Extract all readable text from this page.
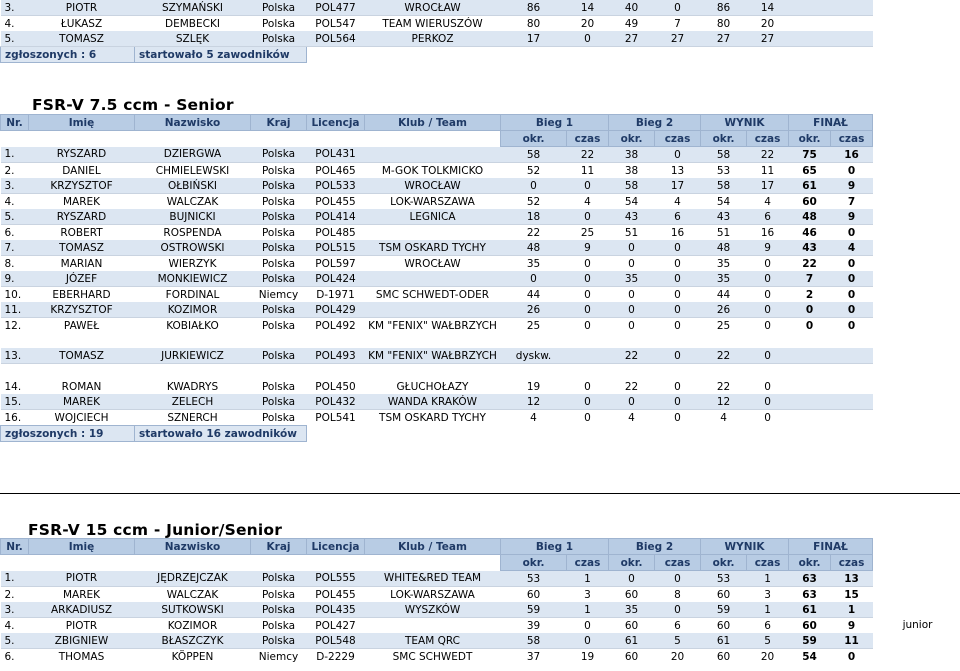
3.	PIOTR	SZYMAŃSKI	Polska	POL477	WROCŁAW	86	14	40	0	86	14			
4.	ŁUKASZ	DEMBECKI	Polska	POL547	TEAM WIERUSZÓW	80	20	49	7	80	20			
5.	TOMASZ	SZLĘK	Polska	POL564	PERKOZ	17	0	27	27	27	27			
zgłoszonych : 6		startowało 5 zawodników												
FSR-V 7.5 ccm - Senior
Nr.	Imię	Nazwisko	Kraj	Licencja	Klub / Team	Bieg 1		Bieg 2		WYNIK		FINAŁ		
						okr.	czas	okr.	czas	okr.	czas	okr.	czas	
1.	RYSZARD	DZIERGWA	Polska	POL431		58	22	38	0	58	22	75	16	
2.	DANIEL	CHMIELEWSKI	Polska	POL465	M-GOK TOLKMICKO	52	11	38	13	53	11	65	0	
3.	KRZYSZTOF	OŁBIŃSKI	Polska	POL533	WROCŁAW	0	0	58	17	58	17	61	9	
4.	MAREK	WALCZAK	Polska	POL455	LOK-WARSZAWA	52	4	54	4	54	4	60	7	
5.	RYSZARD	BUJNICKI	Polska	POL414	LEGNICA	18	0	43	6	43	6	48	9	
6.	ROBERT	ROSPENDA	Polska	POL485		22	25	51	16	51	16	46	0	
7.	TOMASZ	OSTROWSKI	Polska	POL515	TSM OSKARD TYCHY	48	9	0	0	48	9	43	4	
8.	MARIAN	WIERZYK	Polska	POL597	WROCŁAW	35	0	0	0	35	0	22	0	
9.	JÓZEF	MONKIEWICZ	Polska	POL424		0	0	35	0	35	0	7	0	
10.	EBERHARD	FORDINAL	Niemcy	D-1971	SMC SCHWEDT-ODER	44	0	0	0	44	0	2	0	
11.	KRZYSZTOF	KOZIMOR	Polska	POL429		26	0	0	0	26	0	0	0	
12.	PAWEŁ	KOBIAŁKO	Polska	POL492	KM "FENIX" WAŁBRZYCH	25	0	0	0	25	0	0	0	

13.	TOMASZ	JURKIEWICZ	Polska	POL493	KM "FENIX" WAŁBRZYCH	dyskw.		22	0	22	0			

14.	ROMAN	KWADRYS	Polska	POL450	GŁUCHOŁAZY	19	0	22	0	22	0			
15.	MAREK	ZELECH	Polska	POL432	WANDA KRAKÓW	12	0	0	0	12	0			
16.	WOJCIECH	SZNERCH	Polska	POL541	TSM OSKARD TYCHY	4	0	4	0	4	0			
zgłoszonych : 19		startowało 16 zawodników												
FSR-V 15 ccm - Junior/Senior
Nr.	Imię	Nazwisko	Kraj	Licencja	Klub / Team	Bieg 1		Bieg 2		WYNIK		FINAŁ		
						okr.	czas	okr.	czas	okr.	czas	okr.	czas	
1.	PIOTR	JĘDRZEJCZAK	Polska	POL555	WHITE&RED TEAM	53	1	0	0	53	1	63	13	
2.	MAREK	WALCZAK	Polska	POL455	LOK-WARSZAWA	60	3	60	8	60	3	63	15	
3.	ARKADIUSZ	SUTKOWSKI	Polska	POL435	WYSZKÓW	59	1	35	0	59	1	61	1	
4.	PIOTR	KOZIMOR	Polska	POL427		39	0	60	6	60	6	60	9	junior
5.	ZBIGNIEW	BŁASZCZYK	Polska	POL548	TEAM QRC	58	0	61	5	61	5	59	11	
6.	THOMAS	KÖPPEN	Niemcy	D-2229	SMC SCHWEDT	37	19	60	20	60	20	54	0	
